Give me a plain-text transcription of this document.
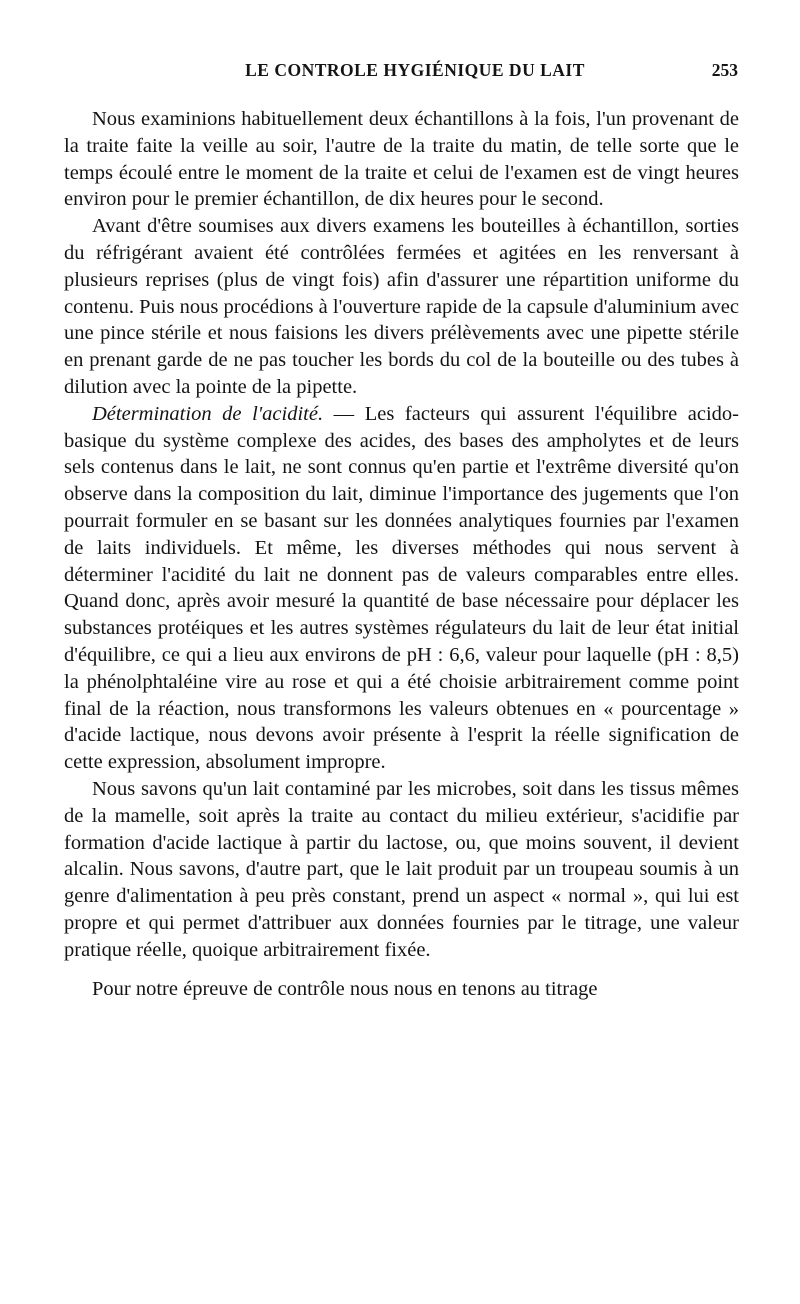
LE CONTROLE HYGIÉNIQUE DU LAIT	253

Nous examinions habituellement deux échantillons à la fois, l'un provenant de la traite faite la veille au soir, l'autre de la traite du matin, de telle sorte que le temps écoulé entre le moment de la traite et celui de l'examen est de vingt heures environ pour le premier échantillon, de dix heures pour le second.

Avant d'être soumises aux divers examens les bouteilles à échantillon, sorties du réfrigérant avaient été contrôlées fermées et agitées en les renversant à plusieurs reprises (plus de vingt fois) afin d'assurer une répartition uniforme du contenu. Puis nous procédions à l'ouverture rapide de la capsule d'aluminium avec une pince stérile et nous faisions les divers prélèvements avec une pipette stérile en prenant garde de ne pas toucher les bords du col de la bouteille ou des tubes à dilution avec la pointe de la pipette.

Détermination de l'acidité. — Les facteurs qui assurent l'équilibre acido-basique du système complexe des acides, des bases des ampholytes et de leurs sels contenus dans le lait, ne sont connus qu'en partie et l'extrême diversité qu'on observe dans la composition du lait, diminue l'importance des jugements que l'on pourrait formuler en se basant sur les données analytiques fournies par l'examen de laits individuels. Et même, les diverses méthodes qui nous servent à déterminer l'acidité du lait ne donnent pas de valeurs comparables entre elles. Quand donc, après avoir mesuré la quantité de base nécessaire pour déplacer les substances protéiques et les autres systèmes régulateurs du lait de leur état initial d'équilibre, ce qui a lieu aux environs de pH : 6,6, valeur pour laquelle (pH : 8,5) la phénolphtaléine vire au rose et qui a été choisie arbitrairement comme point final de la réaction, nous transformons les valeurs obtenues en « pourcentage » d'acide lactique, nous devons avoir présente à l'esprit la réelle signification de cette expression, absolument impropre.

Nous savons qu'un lait contaminé par les microbes, soit dans les tissus mêmes de la mamelle, soit après la traite au contact du milieu extérieur, s'acidifie par formation d'acide lactique à partir du lactose, ou, que moins souvent, il devient alcalin. Nous savons, d'autre part, que le lait produit par un troupeau soumis à un genre d'alimentation à peu près constant, prend un aspect « normal », qui lui est propre et qui permet d'attribuer aux données fournies par le titrage, une valeur pratique réelle, quoique arbitrairement fixée.

Pour notre épreuve de contrôle nous nous en tenons au titrage
